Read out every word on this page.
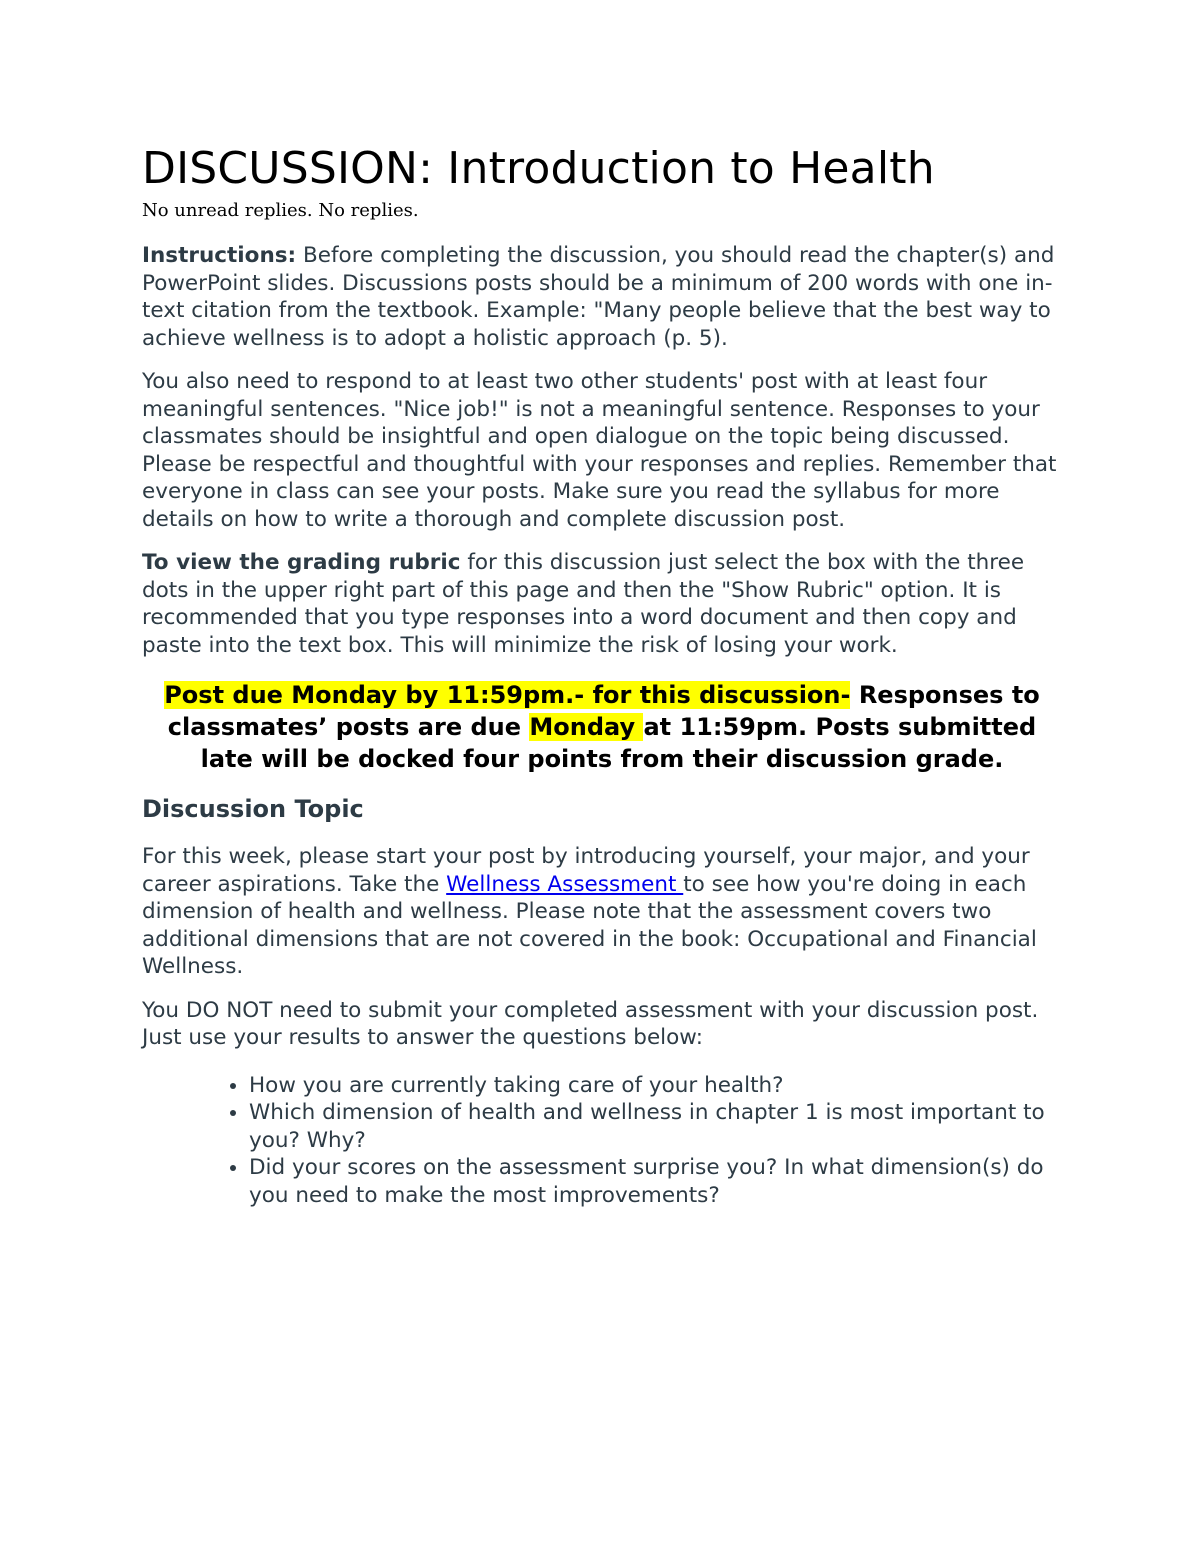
DISCUSSION: Introduction to Health
No unread replies. No replies.

Instructions: Before completing the discussion, you should read the chapter(s) and PowerPoint slides. Discussions posts should be a minimum of 200 words with one in-text citation from the textbook. Example: "Many people believe that the best way to achieve wellness is to adopt a holistic approach (p. 5).

You also need to respond to at least two other students' post with at least four meaningful sentences. "Nice job!" is not a meaningful sentence. Responses to your classmates should be insightful and open dialogue on the topic being discussed. Please be respectful and thoughtful with your responses and replies. Remember that everyone in class can see your posts. Make sure you read the syllabus for more details on how to write a thorough and complete discussion post.

To view the grading rubric for this discussion just select the box with the three dots in the upper right part of this page and then the "Show Rubric" option. It is recommended that you type responses into a word document and then copy and paste into the text box. This will minimize the risk of losing your work.

Post due Monday by 11:59pm.- for this discussion- Responses to classmates’ posts are due Monday at 11:59pm. Posts submitted late will be docked four points from their discussion grade.
Discussion Topic

For this week, please start your post by introducing yourself, your major, and your career aspirations. Take the Wellness Assessment to see how you're doing in each dimension of health and wellness. Please note that the assessment covers two additional dimensions that are not covered in the book: Occupational and Financial Wellness.

You DO NOT need to submit your completed assessment with your discussion post. Just use your results to answer the questions below:

• How you are currently taking care of your health?
• Which dimension of health and wellness in chapter 1 is most important to you? Why?
• Did your scores on the assessment surprise you? In what dimension(s) do you need to make the most improvements?
